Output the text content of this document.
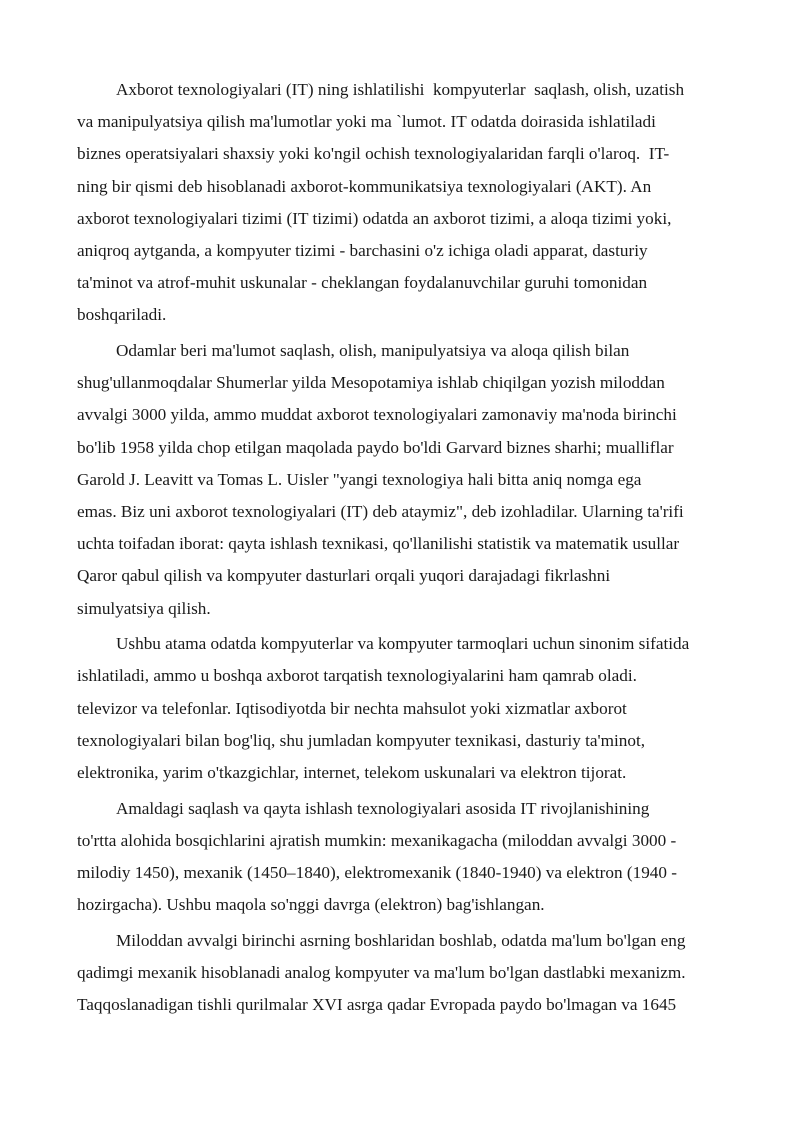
Axborot texnologiyalari (IT) ning ishlatilishi  kompyuterlar  saqlash, olish, uzatish
va manipulyatsiya qilish ma'lumotlar yoki ma `lumot. IT odatda doirasida ishlatiladi
biznes operatsiyalari shaxsiy yoki ko'ngil ochish texnologiyalaridan farqli o'laroq.  IT-
ning bir qismi deb hisoblanadi axborot-kommunikatsiya texnologiyalari (AKT). An
axborot texnologiyalari tizimi (IT tizimi) odatda an axborot tizimi, a aloqa tizimi yoki,
aniqroq aytganda, a kompyuter tizimi - barchasini o'z ichiga oladi apparat, dasturiy
ta'minot va atrof-muhit uskunalar - cheklangan foydalanuvchilar guruhi tomonidan
boshqariladi.
Odamlar beri ma'lumot saqlash, olish, manipulyatsiya va aloqa qilish bilan
shug'ullanmoqdalar Shumerlar yilda Mesopotamiya ishlab chiqilgan yozish miloddan
avvalgi 3000 yilda, ammo muddat axborot texnologiyalari zamonaviy ma'noda birinchi
bo'lib 1958 yilda chop etilgan maqolada paydo bo'ldi Garvard biznes sharhi; mualliflar
Garold J. Leavitt va Tomas L. Uisler "yangi texnologiya hali bitta aniq nomga ega
emas. Biz uni axborot texnologiyalari (IT) deb ataymiz", deb izohladilar. Ularning ta'rifi
uchta toifadan iborat: qayta ishlash texnikasi, qo'llanilishi statistik va matematik usullar
Qaror qabul qilish va kompyuter dasturlari orqali yuqori darajadagi fikrlashni
simulyatsiya qilish.
Ushbu atama odatda kompyuterlar va kompyuter tarmoqlari uchun sinonim sifatida
ishlatiladi, ammo u boshqa axborot tarqatish texnologiyalarini ham qamrab oladi.
televizor va telefonlar. Iqtisodiyotda bir nechta mahsulot yoki xizmatlar axborot
texnologiyalari bilan bog'liq, shu jumladan kompyuter texnikasi, dasturiy ta'minot,
elektronika, yarim o'tkazgichlar, internet, telekom uskunalari va elektron tijorat.
Amaldagi saqlash va qayta ishlash texnologiyalari asosida IT rivojlanishining
to'rtta alohida bosqichlarini ajratish mumkin: mexanikagacha (miloddan avvalgi 3000 -
milodiy 1450), mexanik (1450–1840), elektromexanik (1840-1940) va elektron (1940 -
hozirgacha). Ushbu maqola so'nggi davrga (elektron) bag'ishlangan.
Miloddan avvalgi birinchi asrning boshlaridan boshlab, odatda ma'lum bo'lgan eng
qadimgi mexanik hisoblanadi analog kompyuter va ma'lum bo'lgan dastlabki mexanizm.
Taqqoslanadigan tishli qurilmalar XVI asrga qadar Evropada paydo bo'lmagan va 1645
